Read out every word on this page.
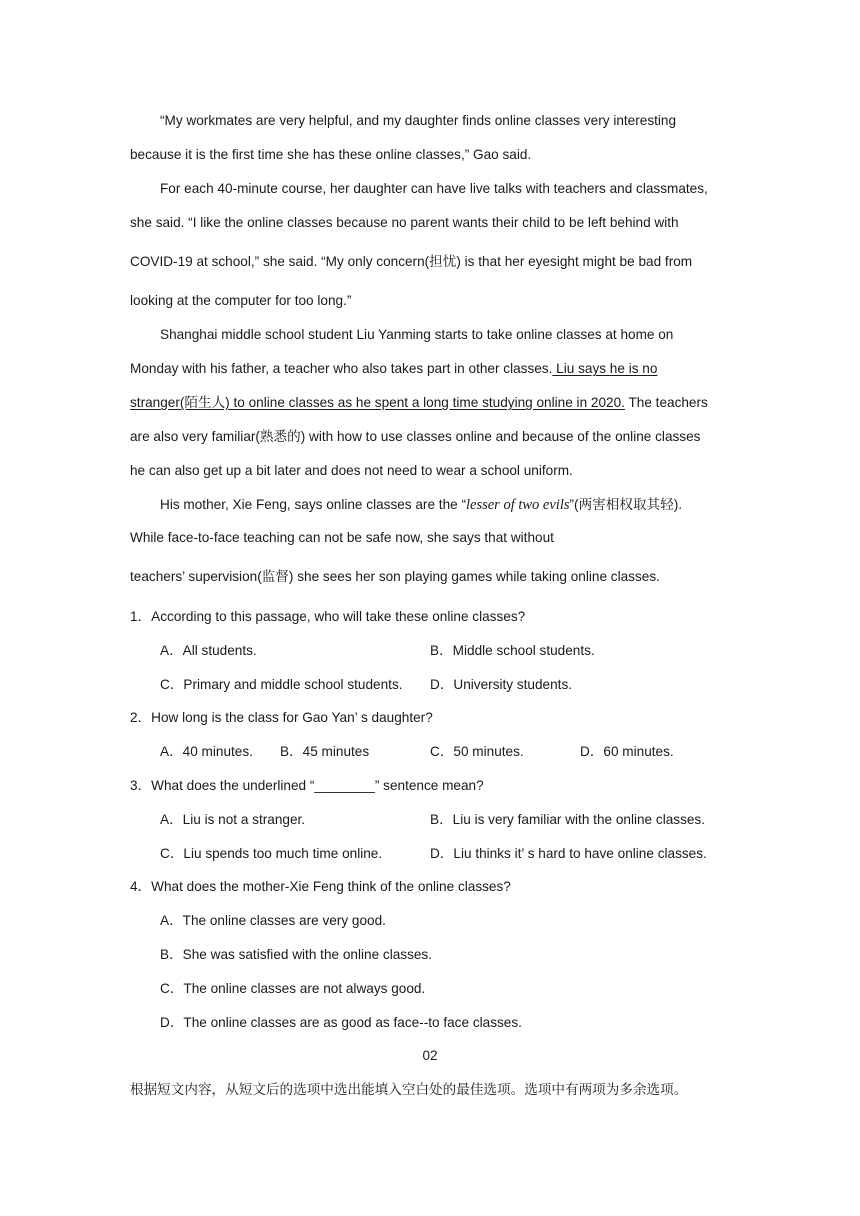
“My workmates are very helpful, and my daughter finds online classes very interesting
because it is the first time she has these online classes,” Gao said.
For each 40-minute course, her daughter can have live talks with teachers and classmates,
she said. “I like the online classes because no parent wants their child to be left behind with
COVID-19 at school,” she said. “My only concern(担忧) is that her eyesight might be bad from
looking at the computer for too long.”
Shanghai middle school student Liu Yanming starts to take online classes at home on
Monday with his father, a teacher who also takes part in other classes. Liu says he is no
stranger(陌生人) to online classes as he spent a long time studying online in 2020. The teachers
are also very familiar(熟悉的) with how to use classes online and because of the online classes
he can also get up a bit later and does not need to wear a school uniform.
His mother, Xie Feng, says online classes are the “lesser of two evils”(两害相权取其轻).
While face-to-face teaching can not be safe now, she says that without
teachers’ supervision(监督) she sees her son playing games while taking online classes.
1．According to this passage, who will take these online classes?
A．All students.	B．Middle school students.
C．Primary and middle school students. D．University students.
2．How long is the class for Gao Yan’ s daughter?
A．40 minutes. B．45 minutes	C．50 minutes.	D．60 minutes.
3．What does the underlined “________” sentence mean?
A．Liu is not a stranger.	B．Liu is very familiar with the online classes.
C．Liu spends too much time online.	D．Liu thinks it’ s hard to have online classes.
4．What does the mother-Xie Feng think of the online classes?
A．The online classes are very good.
B．She was satisfied with the online classes.
C．The online classes are not always good.
D．The online classes are as good as face--to face classes.
02
根据短文内容，从短文后的选项中选出能填入空白处的最佳选项。选项中有两项为多余选项。
